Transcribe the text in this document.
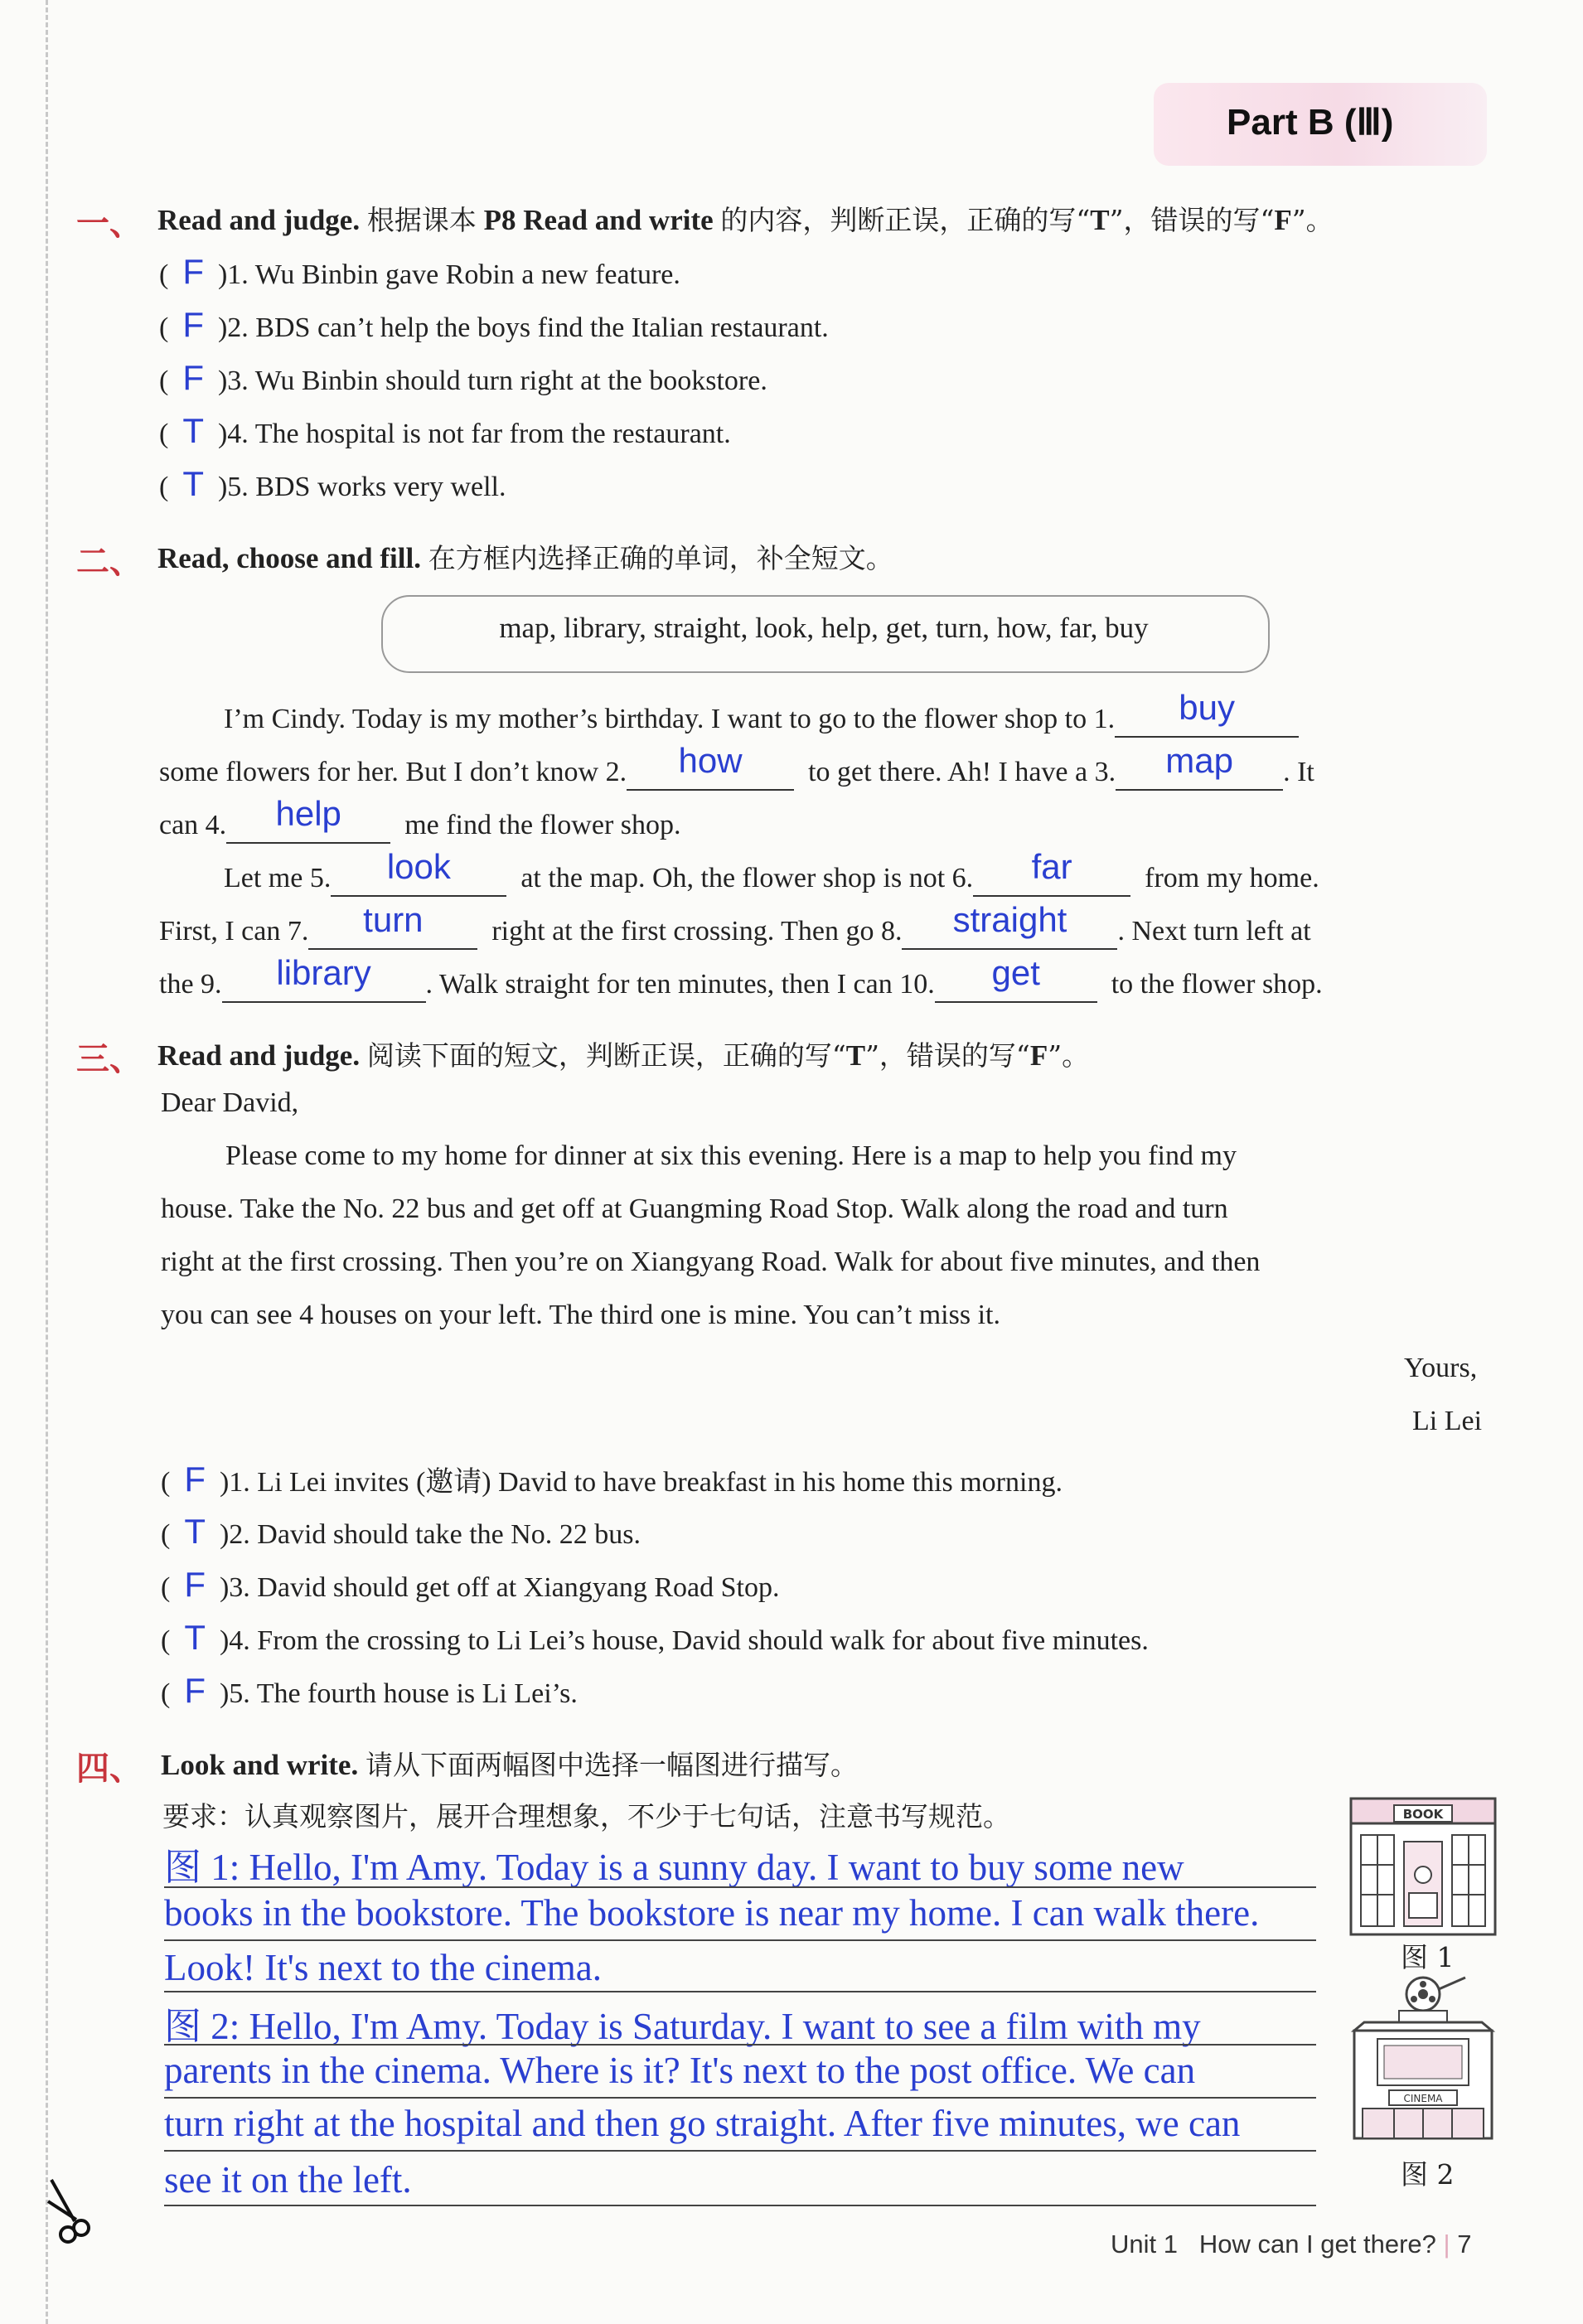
Part B (Ⅲ)
一、 Read and judge. 根据课本 P8 Read and write 的内容，判断正误，正确的写“T”，错误的写“F”。
(  F )1. Wu Binbin gave Robin a new feature.
(  F )2. BDS can’t help the boys find the Italian restaurant.
(  F )3. Wu Binbin should turn right at the bookstore.
(  T )4. The hospital is not far from the restaurant.
(  T )5. BDS works very well.
二、 Read, choose and fill. 在方框内选择正确的单词，补全短文。
map, library, straight, look, help, get, turn, how, far, buy
I’m Cindy. Today is my mother’s birthday. I want to go to the flower shop to 1. buy
some flowers for her. But I don’t know 2. how to get there. Ah! I have a 3. map . It
can 4. help me find the flower shop.
Let me 5. look at the map. Oh, the flower shop is not 6. far	from my home.
First, I can 7. turn right at the first crossing. Then go 8. straight . Next turn left at
the 9. library . Walk straight for ten minutes, then I can 10. get	to the flower shop.
三、 Read and judge. 阅读下面的短文，判断正误，正确的写“T”，错误的写“F”。
Dear David,
Please come to my home for dinner at six this evening. Here is a map to help you find my
house. Take the No. 22 bus and get off at Guangming Road Stop. Walk along the road and turn
right at the first crossing. Then you’re on Xiangyang Road. Walk for about five minutes, and then
you can see 4 houses on your left. The third one is mine. You can’t miss it.
Yours,
Li Lei
(  F )1. Li Lei invites (邀请) David to have breakfast in his home this morning.
(  T )2. David should take the No. 22 bus.
(  F )3. David should get off at Xiangyang Road Stop.
(  T )4. From the crossing to Li Lei’s house, David should walk for about five minutes.
(  F )5. The fourth house is Li Lei’s.
四、 Look and write. 请从下面两幅图中选择一幅图进行描写。
要求：认真观察图片，展开合理想象，不少于七句话，注意书写规范。
图 1: Hello, I'm Amy. Today is a sunny day. I want to buy some new
books in the bookstore. The bookstore is near my home. I can walk there.
Look! It's next to the cinema.
图 2: Hello, I'm Amy. Today is Saturday. I want to see a film with my
parents in the cinema. Where is it? It's next to the post office. We can
turn right at the hospital and then go straight. After five minutes, we can
see it on the left.
BOOK
图 1
CINEMA
图 2
Unit 1 How can I get there? | 7
